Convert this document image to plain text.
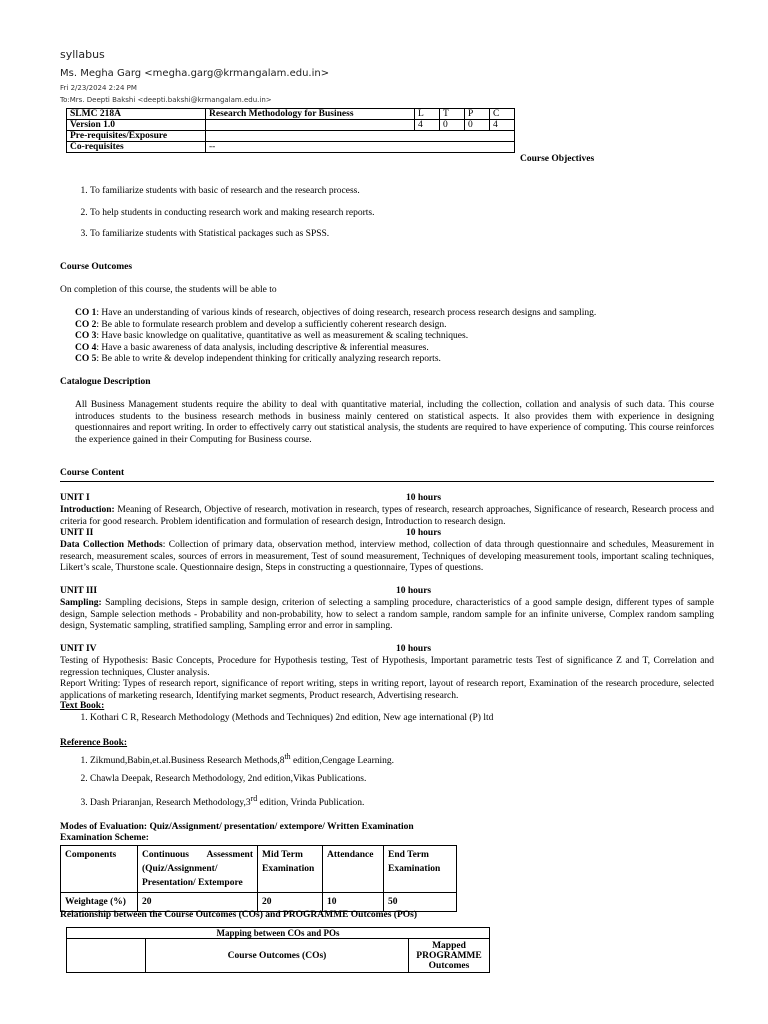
syllabus
Ms. Megha Garg <megha.garg@krmangalam.edu.in>
Fri 2/23/2024 2:24 PM
To:Mrs. Deepti Bakshi <deepti.bakshi@krmangalam.edu.in>
SLMC 218A	Research Methodology for Business	L	T	P	C
Version 1.0		4	0	0	4
Pre-requisites/Exposure					
Co-requisites	--				
Course Objectives
1. To familiarize students with basic of research and the research process.
2. To help students in conducting research work and making research reports.
3. To familiarize students with Statistical packages such as SPSS.
Course Outcomes
On completion of this course, the students will be able to
CO 1: Have an understanding of various kinds of research, objectives of doing research, research process research designs and sampling.
CO 2: Be able to formulate research problem and develop a sufficiently coherent research design.
CO 3: Have basic knowledge on qualitative, quantitative as well as measurement & scaling techniques.
CO 4: Have a basic awareness of data analysis, including descriptive & inferential measures.
CO 5: Be able to write & develop independent thinking for critically analyzing research reports.
Catalogue Description
All Business Management students require the ability to deal with quantitative material, including the collection, collation and analysis of such data. This course introduces students to the business research methods in business mainly centered on statistical aspects. It also provides them with experience in designing questionnaires and report writing. In order to effectively carry out statistical analysis, the students are required to have experience of computing. This course reinforces the experience gained in their Computing for Business course.
Course Content
UNIT I	10 hours
Introduction: Meaning of Research, Objective of research, motivation in research, types of research, research approaches, Significance of research, Research process and criteria for good research. Problem identification and formulation of research design, Introduction to research design.
UNIT II	10 hours
Data Collection Methods: Collection of primary data, observation method, interview method, collection of data through questionnaire and schedules, Measurement in research, measurement scales, sources of errors in measurement, Test of sound measurement, Techniques of developing measurement tools, important scaling techniques, Likert’s scale, Thurstone scale. Questionnaire design, Steps in constructing a questionnaire, Types of questions.
UNIT III	10 hours
Sampling: Sampling decisions, Steps in sample design, criterion of selecting a sampling procedure, characteristics of a good sample design, different types of sample design, Sample selection methods - Probability and non-probability, how to select a random sample, random sample for an infinite universe, Complex random sampling design, Systematic sampling, stratified sampling, Sampling error and error in sampling.
UNIT IV	10 hours
Testing of Hypothesis: Basic Concepts, Procedure for Hypothesis testing, Test of Hypothesis, Important parametric tests Test of significance Z and T, Correlation and regression techniques, Cluster analysis.
Report Writing: Types of research report, significance of report writing, steps in writing report, layout of research report, Examination of the research procedure, selected applications of marketing research, Identifying market segments, Product research, Advertising research.
Text Book:
1. Kothari C R, Research Methodology (Methods and Techniques) 2nd edition, New age international (P) ltd
Reference Book:
1. Zikmund,Babin,et.al.Business Research Methods,8th edition,Cengage Learning.
2. Chawla Deepak, Research Methodology, 2nd edition,Vikas Publications.
3. Dash Priaranjan, Research Methodology,3rd edition, Vrinda Publication.
Modes of Evaluation: Quiz/Assignment/ presentation/ extempore/ Written Examination
Examination Scheme:
Components	Continuous Assessment (Quiz/Assignment/ Presentation/ Extempore	Mid Term Examination	Attendance	End Term Examination
Weightage (%)	20	20	10	50
Relationship between the Course Outcomes (COs) and PROGRAMME Outcomes (POs)
Mapping between COs and POs
	Course Outcomes (COs)	Mapped PROGRAMME Outcomes
